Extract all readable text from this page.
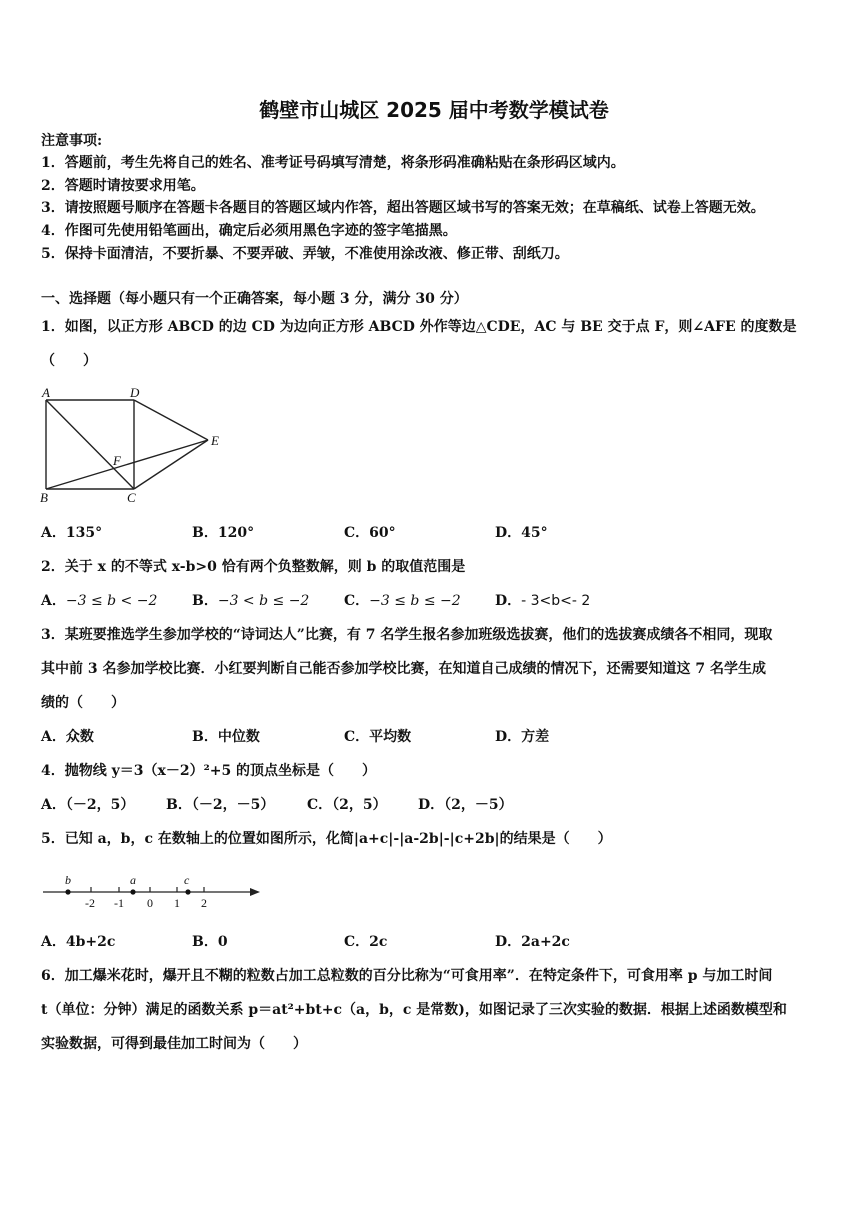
鹤壁市山城区 2025 届中考数学模试卷
注意事项:
1．答题前，考生先将自己的姓名、准考证号码填写清楚，将条形码准确粘贴在条形码区域内。
2．答题时请按要求用笔。
3．请按照题号顺序在答题卡各题目的答题区域内作答，超出答题区域书写的答案无效；在草稿纸、试卷上答题无效。
4．作图可先使用铅笔画出，确定后必须用黑色字迹的签字笔描黑。
5．保持卡面清洁，不要折暴、不要弄破、弄皱，不准使用涂改液、修正带、刮纸刀。
一、选择题（每小题只有一个正确答案，每小题 3 分，满分 30 分）
1．如图，以正方形 ABCD 的边 CD 为边向正方形 ABCD 外作等边△CDE，AC 与 BE 交于点 F，则∠AFE 的度数是
（　　）
A	D
E
F
B	C
A．135°	B．120°	C．60°	D．45°
2．关于 x 的不等式 x-b>0 恰有两个负整数解，则 b 的取值范围是
A．−3 ≤ b < −2 B．−3 < b ≤ −2 C．−3 ≤ b ≤ −2 D．- 3<b<- 2
3．某班要推选学生参加学校的“诗词达人”比赛，有 7 名学生报名参加班级选拔赛，他们的选拔赛成绩各不相同，现取
其中前 3 名参加学校比赛．小红要判断自己能否参加学校比赛，在知道自己成绩的情况下，还需要知道这 7 名学生成
绩的（　　）
A．众数	B．中位数	C．平均数	D．方差
4．抛物线 y＝3（x－2）²+5 的顶点坐标是（　　）
A．（－2，5） B．（－2，－5） C．（2，5） D．（2，－5）
5．已知 a，b，c 在数轴上的位置如图所示，化简|a+c|-|a-2b|-|c+2b|的结果是（　　）
b	a	c
-2 -1 0 1 2
A．4b+2c	B．0	C．2c	D．2a+2c
6．加工爆米花时，爆开且不糊的粒数占加工总粒数的百分比称为“可食用率”．在特定条件下，可食用率 p 与加工时间
t（单位：分钟）满足的函数关系 p＝at²+bt+c（a，b，c 是常数)，如图记录了三次实验的数据．根据上述函数模型和
实验数据，可得到最佳加工时间为（　　）
